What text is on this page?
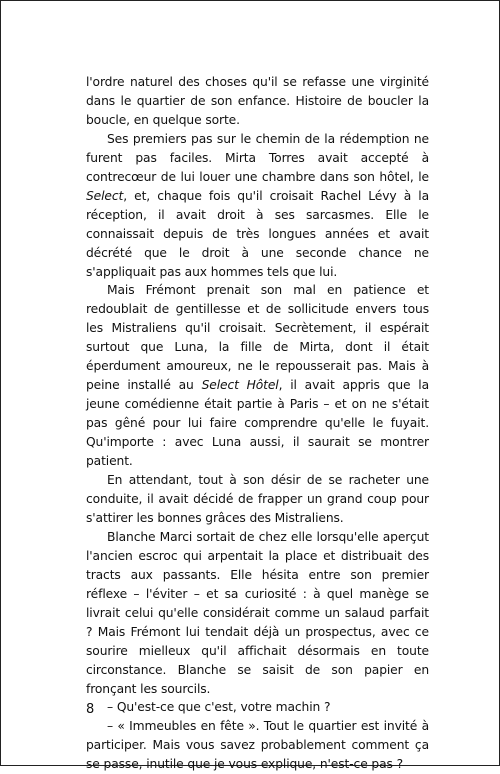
l'ordre naturel des choses qu'il se refasse une virginité dans le quartier de son enfance. Histoire de boucler la boucle, en quelque sorte.

Ses premiers pas sur le chemin de la rédemption ne furent pas faciles. Mirta Torres avait accepté à contrecœur de lui louer une chambre dans son hôtel, le Select, et, chaque fois qu'il croisait Rachel Lévy à la réception, il avait droit à ses sarcasmes. Elle le connaissait depuis de très longues années et avait décrété que le droit à une seconde chance ne s'appliquait pas aux hommes tels que lui.

Mais Frémont prenait son mal en patience et redoublait de gentillesse et de sollicitude envers tous les Mistraliens qu'il croisait. Secrètement, il espérait surtout que Luna, la fille de Mirta, dont il était éperdument amoureux, ne le repousserait pas. Mais à peine installé au Select Hôtel, il avait appris que la jeune comédienne était partie à Paris – et on ne s'était pas gêné pour lui faire comprendre qu'elle le fuyait. Qu'importe : avec Luna aussi, il saurait se montrer patient.

En attendant, tout à son désir de se racheter une conduite, il avait décidé de frapper un grand coup pour s'attirer les bonnes grâces des Mistraliens.

Blanche Marci sortait de chez elle lorsqu'elle aperçut l'ancien escroc qui arpentait la place et distribuait des tracts aux passants. Elle hésita entre son premier réflexe – l'éviter – et sa curiosité : à quel manège se livrait celui qu'elle considérait comme un salaud parfait ? Mais Frémont lui tendait déjà un prospectus, avec ce sourire mielleux qu'il affichait désormais en toute circonstance. Blanche se saisit de son papier en fronçant les sourcils.

– Qu'est-ce que c'est, votre machin ?

– « Immeubles en fête ». Tout le quartier est invité à participer. Mais vous savez probablement comment ça se passe, inutile que je vous explique, n'est-ce pas ?

8
